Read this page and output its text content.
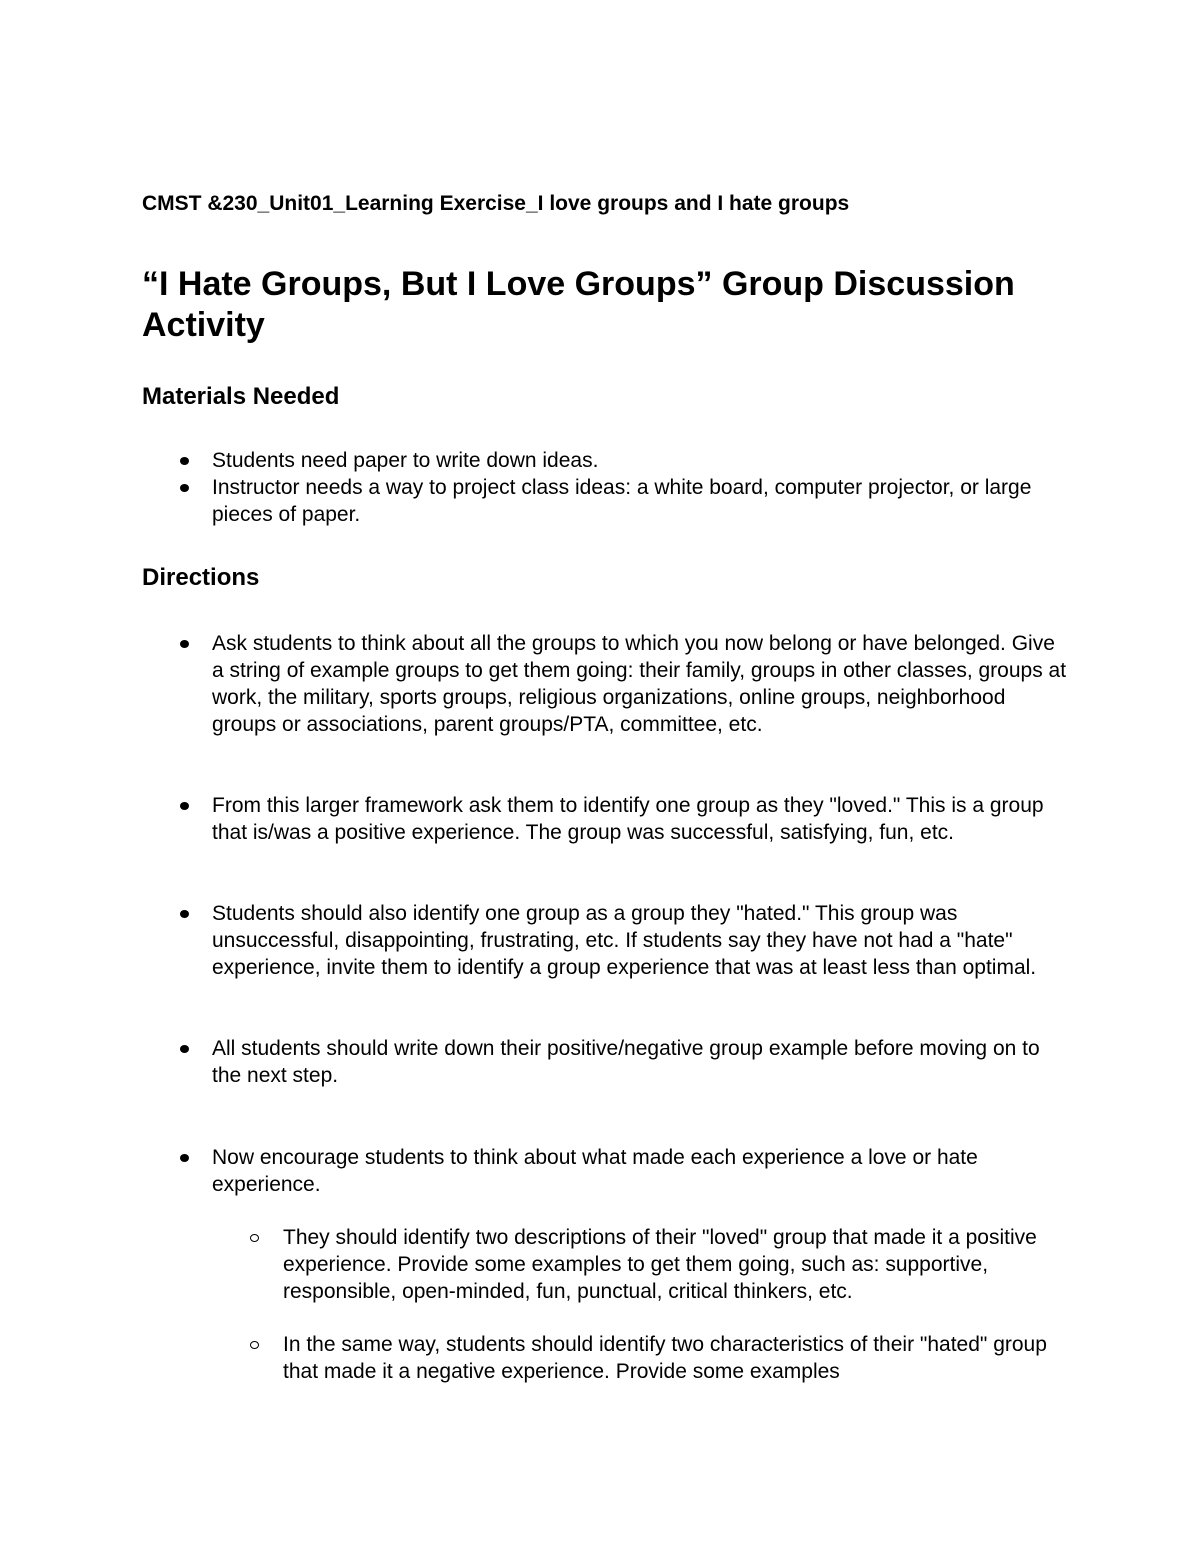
CMST &230_Unit01_Learning Exercise_I love groups and I hate groups

“I Hate Groups, But I Love Groups” Group Discussion Activity
Materials Needed
Students need paper to write down ideas.
Instructor needs a way to project class ideas: a white board, computer projector, or large pieces of paper.
Directions
Ask students to think about all the groups to which you now belong or have belonged. Give a string of example groups to get them going: their family, groups in other classes, groups at work, the military, sports groups, religious organizations, online groups, neighborhood groups or associations, parent groups/PTA, committee, etc.
From this larger framework ask them to identify one group as they "loved." This is a group that is/was a positive experience. The group was successful, satisfying, fun, etc.
Students should also identify one group as a group they "hated." This group was unsuccessful, disappointing, frustrating, etc. If students say they have not had a "hate" experience, invite them to identify a group experience that was at least less than optimal.
All students should write down their positive/negative group example before moving on to the next step.
Now encourage students to think about what made each experience a love or hate experience.
They should identify two descriptions of their "loved" group that made it a positive experience. Provide some examples to get them going, such as: supportive, responsible, open-minded, fun, punctual, critical thinkers, etc.
In the same way, students should identify two characteristics of their "hated" group that made it a negative experience. Provide some examples
